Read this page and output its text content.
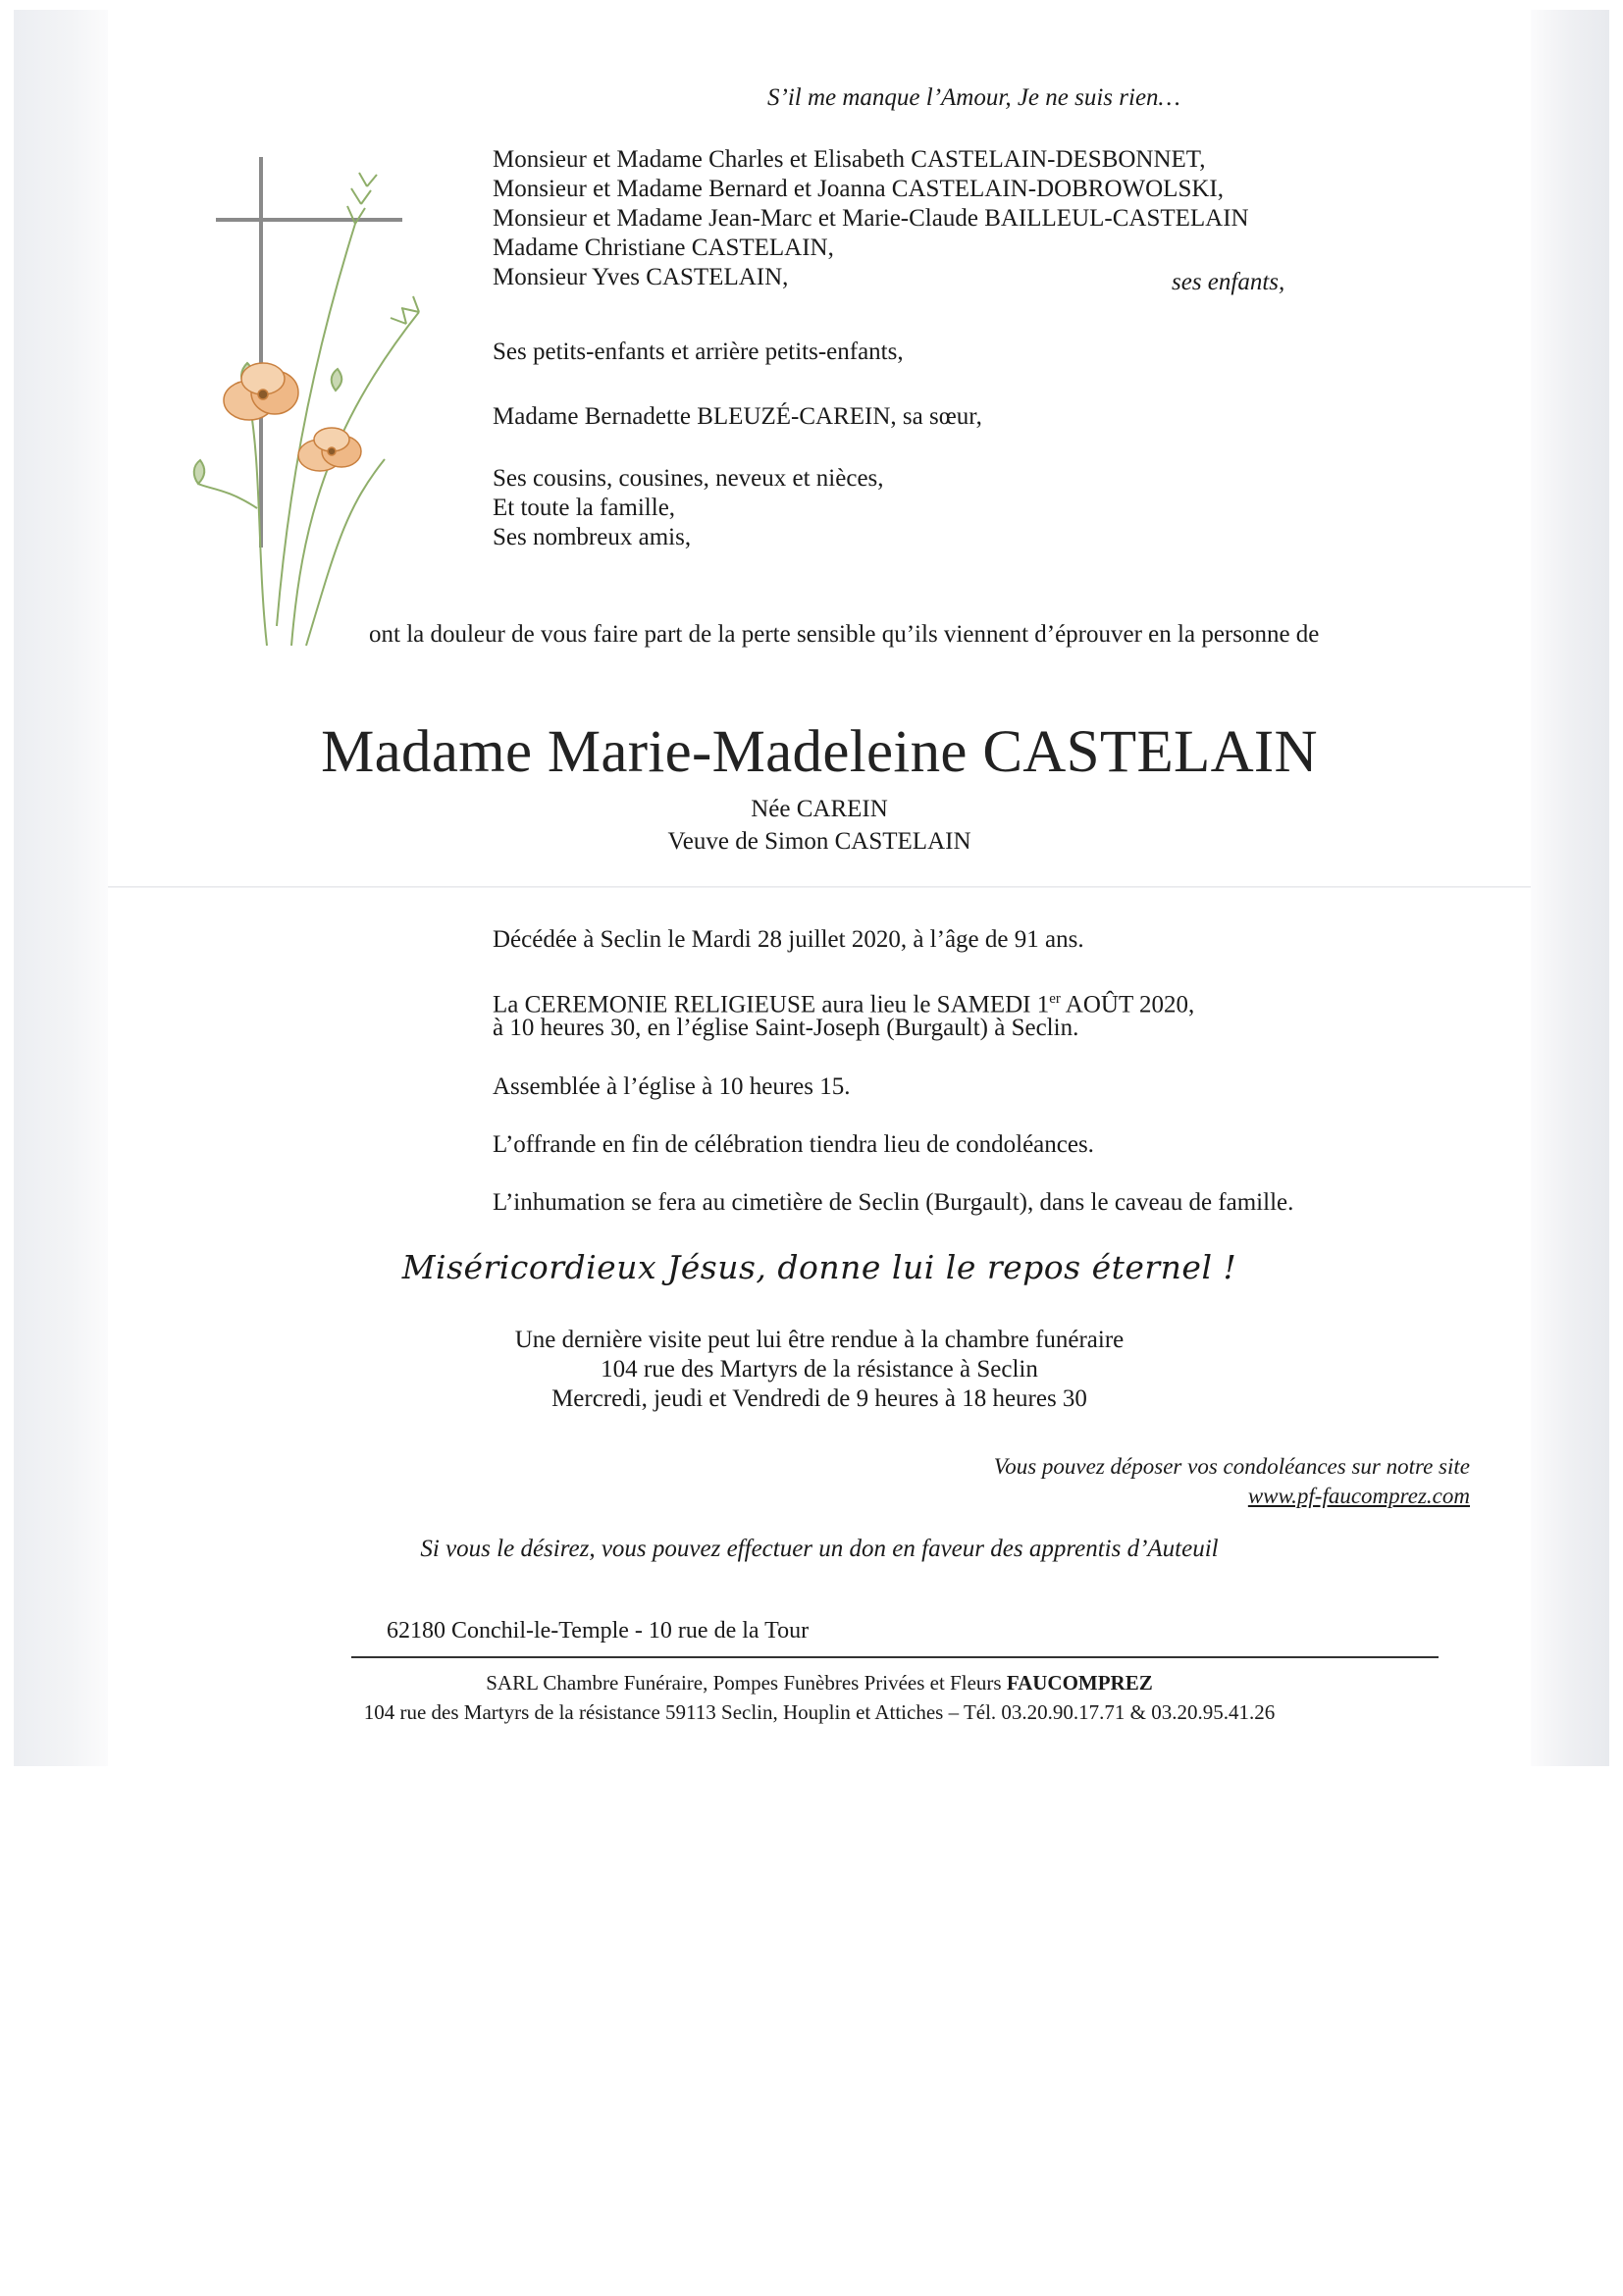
S’il me manque l’Amour, Je ne suis rien…
Monsieur et Madame Charles et Elisabeth CASTELAIN-DESBONNET,
Monsieur et Madame Bernard et Joanna CASTELAIN-DOBROWOLSKI,
Monsieur et Madame Jean-Marc et Marie-Claude BAILLEUL-CASTELAIN
Madame Christiane CASTELAIN,
Monsieur Yves CASTELAIN,	ses enfants,
Ses petits-enfants et arrière petits-enfants,
Madame Bernadette BLEUZÉ-CAREIN, sa sœur,
Ses cousins, cousines, neveux et nièces,
Et toute la famille,
Ses nombreux amis,
ont la douleur de vous faire part de la perte sensible qu’ils viennent d’éprouver en la personne de
Madame Marie-Madeleine CASTELAIN
Née CAREIN
Veuve de Simon CASTELAIN
Décédée à Seclin le Mardi 28 juillet 2020, à l’âge de 91 ans.
La CEREMONIE RELIGIEUSE aura lieu le SAMEDI 1er AOÛT 2020,
à 10 heures 30, en l’église Saint-Joseph (Burgault) à Seclin.
Assemblée à l’église à 10 heures 15.
L’offrande en fin de célébration tiendra lieu de condoléances.
L’inhumation se fera au cimetière de Seclin (Burgault), dans le caveau de famille.
Miséricordieux Jésus, donne lui le repos éternel !
Une dernière visite peut lui être rendue à la chambre funéraire
104 rue des Martyrs de la résistance à Seclin
Mercredi, jeudi et Vendredi de 9 heures à 18 heures 30
Vous pouvez déposer vos condoléances sur notre site
www.pf-faucomprez.com
Si vous le désirez, vous pouvez effectuer un don en faveur des apprentis d’Auteuil
62180 Conchil-le-Temple - 10 rue de la Tour
SARL Chambre Funéraire, Pompes Funèbres Privées et Fleurs FAUCOMPREZ
104 rue des Martyrs de la résistance 59113 Seclin, Houplin et Attiches – Tél. 03.20.90.17.71 & 03.20.95.41.26
